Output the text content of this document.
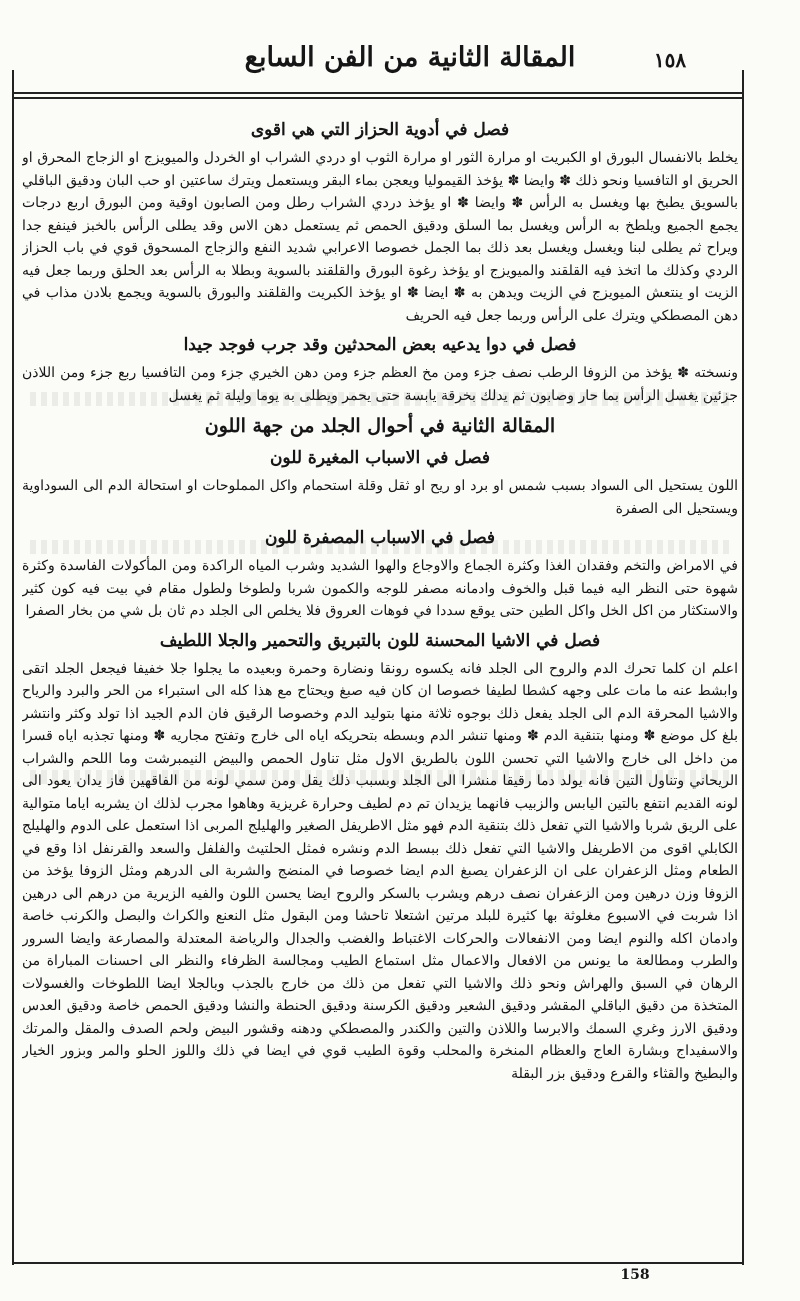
المقالة الثانية من الفن السابع	١٥٨
فصل في أدوية الحزاز التي هي اقوى
يخلط بالانفسال البورق او الكبريت او مرارة الثور او مرارة الثوب او دردي الشراب او الخردل والميويزج او الزجاج المحرق او الحريق او التافسيا ونحو ذلك ✽ وايضا ✽ يؤخذ القيموليا ويعجن بماء البقر ويستعمل ويترك ساعتين او حب البان ودقيق الباقلي بالسويق يطبخ بها ويغسل به الرأس ✽ وايضا ✽ او يؤخذ دردي الشراب رطل ومن الصابون اوقية ومن البورق اربع درجات يجمع الجميع ويلطخ به الرأس ويغسل بما السلق ودقيق الحمص ثم يستعمل دهن الاس وقد يطلى الرأس بالخبز فينفع جدا ويراح ثم يطلى لبنا ويغسل ويغسل بعد ذلك بما الجمل خصوصا الاعرابي شديد النفع والزجاج المسحوق قوي في باب الحزاز الردي وكذلك ما اتخذ فيه القلقند والميويزج او يؤخذ رغوة البورق والقلقند بالسوية وبطلا به الرأس بعد الحلق وربما جعل فيه الزيت او ينتعش الميويزج في الزيت ويدهن به ✽ ايضا ✽ او يؤخذ الكبريت والقلقند والبورق بالسوية ويجمع بلادن مذاب في دهن المصطكي ويترك على الرأس وربما جعل فيه الحريف
فصل في دوا يدعيه بعض المحدثين وقد جرب فوجد جيدا
ونسخته ✽ يؤخذ من الزوفا الرطب نصف جزء ومن مخ العظم جزء ومن دهن الخيري جزء ومن التافسيا ربع جزء ومن اللاذن جزئين يغسل الرأس بما حار وصابون ثم يدلك بخرقة يابسة حتى يحمر ويطلى به يوما وليلة ثم يغسل
المقالة الثانية في أحوال الجلد من جهة اللون
فصل في الاسباب المغيرة للون
اللون يستحيل الى السواد بسبب شمس او برد او ريح او ثقل وقلة استحمام واكل المملوحات او استحالة الدم الى السوداوية ويستحيل الى الصفرة
فصل في الاسباب المصفرة للون
في الامراض والتخم وفقدان الغذا وكثرة الجماع والاوجاع والهوا الشديد وشرب المياه الراكدة ومن المأكولات الفاسدة وكثرة شهوة حتى النظر اليه فيما قبل والخوف وادمانه مصفر للوجه والكمون شربا ولطوخا ولطول مقام في بيت فيه كون كثير والاستكثار من اكل الخل واكل الطين حتى يوقع سددا في فوهات العروق فلا يخلص الى الجلد دم ثان بل شي من بخار الصفرا
فصل في الاشيا المحسنة للون بالتبريق والتحمير والجلا اللطيف
اعلم ان كلما تحرك الدم والروح الى الجلد فانه يكسوه رونقا ونضارة وحمرة وبعيده ما يجلوا جلا خفيفا فيجعل الجلد اتقى وابشط عنه ما مات على وجهه كشطا لطيفا خصوصا ان كان فيه صبغ ويحتاج مع هذا كله الى استبراء من الحر والبرد والرياح والاشيا المحرقة الدم الى الجلد يفعل ذلك بوجوه ثلاثة منها بتوليد الدم وخصوصا الرقيق فان الدم الجيد اذا تولد وكثر وانتشر بلغ كل موضع ✽ ومنها بتنقية الدم ✽ ومنها تنشر الدم وبسطه بتحريكه اياه الى خارج وتفتح مجاريه ✽ ومنها تجذبه اياه قسرا من داخل الى خارج والاشيا التي تحسن اللون بالطريق الاول مثل تناول الحمص والبيض النيمبرشت وما اللحم والشراب الريحاني وتناول التين فانه يولد دما رقيقا منشرا الى الجلد وبسبب ذلك يقل ومن سمي لونه من الفاقهين فاز يدان يعود الى لونه القديم انتفع بالتين اليابس والزبيب فانهما يزيدان تم دم لطيف وحرارة غريزية وهاهوا مجرب لذلك ان يشربه اياما متوالية على الريق شربا والاشيا التي تفعل ذلك بتنقية الدم فهو مثل الاطريفل الصغير والهليلج المربى اذا استعمل على الدوم والهليلج الكابلي اقوى من الاطريفل والاشيا التي تفعل ذلك ببسط الدم ونشره فمثل الحلتيث والفلفل والسعد والقرنفل اذا وقع في الطعام ومثل الزعفران على ان الزعفران يصبغ الدم ايضا خصوصا في المنضج والشربة الى الدرهم ومثل الزوفا يؤخذ من الزوفا وزن درهين ومن الزعفران نصف درهم ويشرب بالسكر والروح ايضا يحسن اللون والفيه الزيرية من درهم الى درهين اذا شربت في الاسبوع مغلوثة بها كثيرة للبلد مرتين اشتعلا تاحشا ومن البقول مثل النعنع والكراث والبصل والكرنب خاصة وادمان اكله والنوم ايضا ومن الانفعالات والحركات الاغتباط والغضب والجدال والرياضة المعتدلة والمصارعة وايضا السرور والطرب ومطالعة ما يونس من الافعال والاعمال مثل استماع الطيب ومجالسة الظرفاء والنظر الى احسنات المباراة من الرهان في السبق والهراش ونحو ذلك والاشيا التي تفعل من ذلك من خارج بالجذب وبالجلا ايضا اللطوخات والغسولات المتخذة من دقيق الباقلي المقشر ودقيق الشعير ودقيق الكرسنة ودقيق الحنطة والنشا ودقيق الحمص خاصة ودقيق العدس ودقيق الارز وغري السمك والابرسا واللاذن والتين والكندر والمصطكي ودهنه وقشور البيض ولحم الصدف والمقل والمرتك والاسفيداج وبشارة العاج والعظام المنخرة والمحلب وقوة الطيب قوي في ايضا في ذلك واللوز الحلو والمر وبزور الخيار والبطيخ والقثاء والقرع ودقيق بزر البقلة
158
